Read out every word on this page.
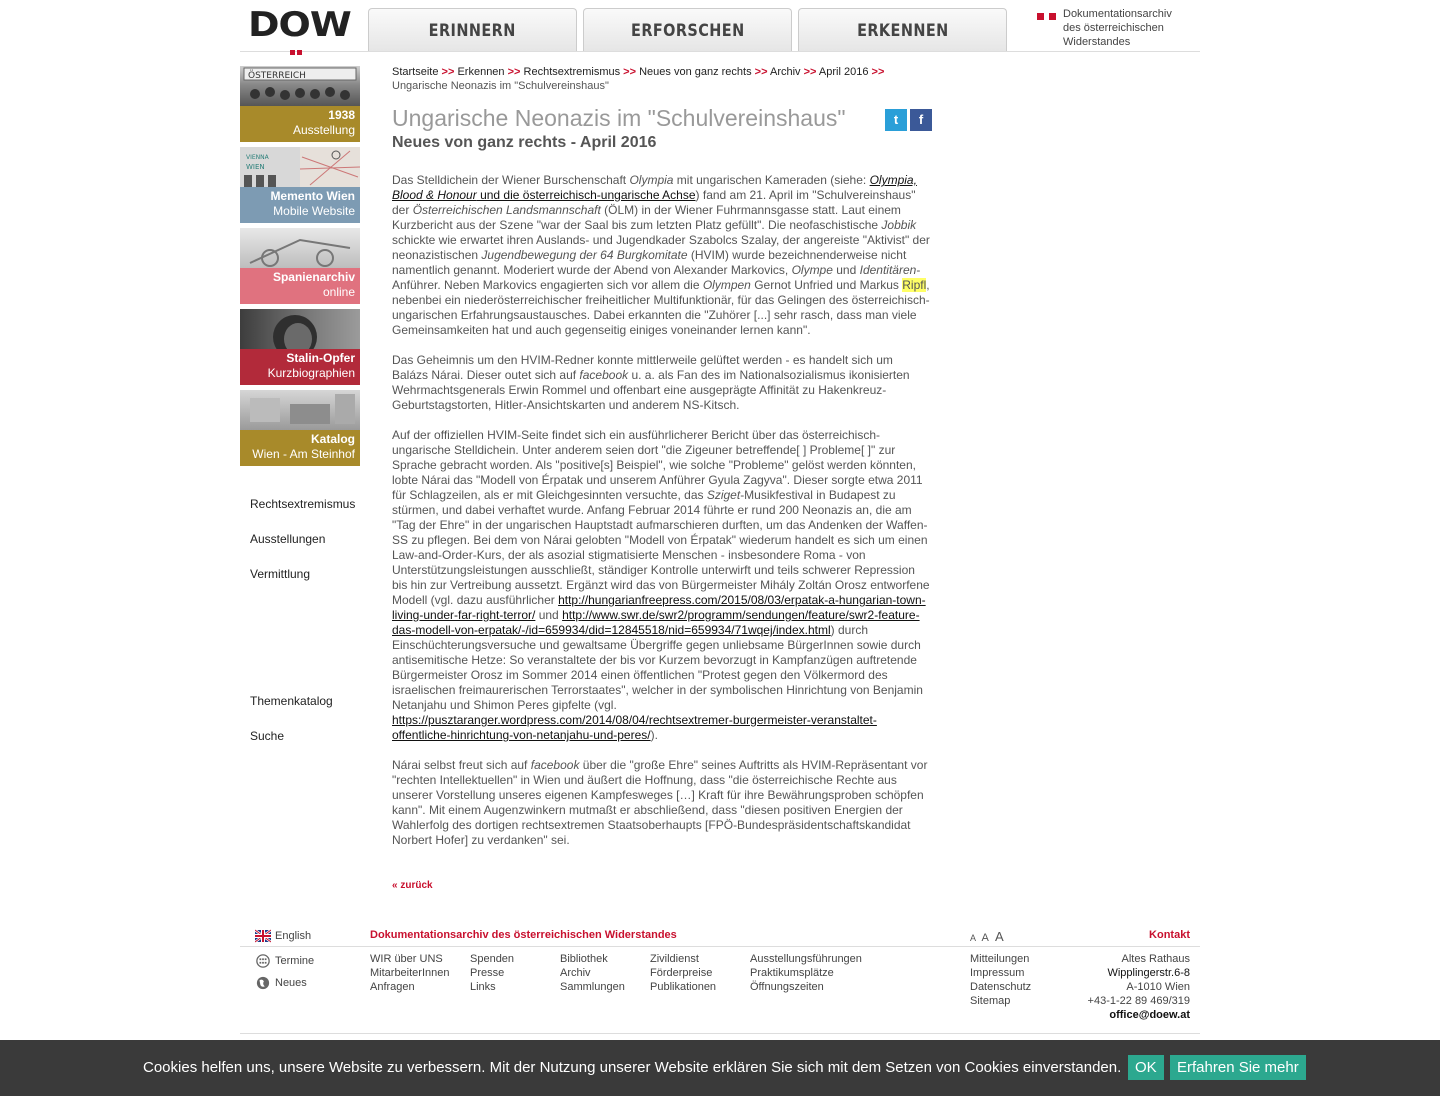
DOW	ERINNERN	ERFORSCHEN	ERKENNEN
Dokumentationsarchiv
des österreichischen
Widerstandes
ÖSTERREICH
1938
Ausstellung
VIENNA
WIEN
Memento Wien
Mobile Website
Spanienarchiv
online
Stalin-Opfer
Kurzbiographien
Katalog
Wien - Am Steinhof
Rechtsextremismus
Ausstellungen
Vermittlung
Themenkatalog
Suche
Startseite >> Erkennen >> Rechtsextremismus >> Neues von ganz rechts >> Archiv >> April 2016 >>
Ungarische Neonazis im "Schulvereinshaus"
Ungarische Neonazis im "Schulvereinshaus"
Neues von ganz rechts - April 2016
t	f

Das Stelldichein der Wiener Burschenschaft Olympia mit ungarischen Kameraden (siehe: Olympia, Blood & Honour und die österreichisch-ungarische Achse) fand am 21. April im "Schulvereinshaus" der Österreichischen Landsmannschaft (ÖLM) in der Wiener Fuhrmannsgasse statt. Laut einem Kurzbericht aus der Szene "war der Saal bis zum letzten Platz gefüllt". Die neofaschistische Jobbik schickte wie erwartet ihren Auslands- und Jugendkader Szabolcs Szalay, der angereiste "Aktivist" der neonazistischen Jugendbewegung der 64 Burgkomitate (HVIM) wurde bezeichnenderweise nicht namentlich genannt. Moderiert wurde der Abend von Alexander Markovics, Olympe und Identitären-Anführer. Neben Markovics engagierten sich vor allem die Olympen Gernot Unfried und Markus Ripfl, nebenbei ein niederösterreichischer freiheitlicher Multifunktionär, für das Gelingen des österreichisch-ungarischen Erfahrungsaustausches. Dabei erkannten die "Zuhörer [...] sehr rasch, dass man viele Gemeinsamkeiten hat und auch gegenseitig einiges voneinander lernen kann".

Das Geheimnis um den HVIM-Redner konnte mittlerweile gelüftet werden - es handelt sich um Balázs Nárai. Dieser outet sich auf facebook u. a. als Fan des im Nationalsozialismus ikonisierten Wehrmachtsgenerals Erwin Rommel und offenbart eine ausgeprägte Affinität zu Hakenkreuz-Geburtstagstorten, Hitler-Ansichtskarten und anderem NS-Kitsch.

Auf der offiziellen HVIM-Seite findet sich ein ausführlicherer Bericht über das österreichisch-ungarische Stelldichein. Unter anderem seien dort "die Zigeuner betreffende[ ] Probleme[ ]" zur Sprache gebracht worden. Als "positive[s] Beispiel", wie solche "Probleme" gelöst werden könnten, lobte Nárai das "Modell von Érpatak und unserem Anführer Gyula Zagyva". Dieser sorgte etwa 2011 für Schlagzeilen, als er mit Gleichgesinnten versuchte, das Sziget-Musikfestival in Budapest zu stürmen, und dabei verhaftet wurde. Anfang Februar 2014 führte er rund 200 Neonazis an, die am "Tag der Ehre" in der ungarischen Hauptstadt aufmarschieren durften, um das Andenken der Waffen-SS zu pflegen. Bei dem von Nárai gelobten "Modell von Érpatak" wiederum handelt es sich um einen Law-and-Order-Kurs, der als asozial stigmatisierte Menschen - insbesondere Roma - von Unterstützungsleistungen ausschließt, ständiger Kontrolle unterwirft und teils schwerer Repression bis hin zur Vertreibung aussetzt. Ergänzt wird das von Bürgermeister Mihály Zoltán Orosz entworfene Modell (vgl. dazu ausführlicher http://hungarianfreepress.com/2015/08/03/erpatak-a-hungarian-town-living-under-far-right-terror/ und http://www.swr.de/swr2/programm/sendungen/feature/swr2-feature-das-modell-von-erpatak/-/id=659934/did=12845518/nid=659934/71wqej/index.html) durch Einschüchterungsversuche und gewaltsame Übergriffe gegen unliebsame BürgerInnen sowie durch antisemitische Hetze: So veranstaltete der bis vor Kurzem bevorzugt in Kampfanzügen auftretende Bürgermeister Orosz im Sommer 2014 einen öffentlichen "Protest gegen den Völkermord des israelischen freimaurerischen Terrorstaates", welcher in der symbolischen Hinrichtung von Benjamin Netanjahu und Shimon Peres gipfelte (vgl.
https://pusztaranger.wordpress.com/2014/08/04/rechtsextremer-burgermeister-veranstaltet-offentliche-hinrichtung-von-netanjahu-und-peres/).

Nárai selbst freut sich auf facebook über die "große Ehre" seines Auftritts als HVIM-Repräsentant vor "rechten Intellektuellen" in Wien und äußert die Hoffnung, dass "die österreichische Rechte aus unserer Vorstellung unseres eigenen Kampfesweges […] Kraft für ihre Bewährungsproben schöpfen kann". Mit einem Augenzwinkern mutmaßt er abschließend, dass "diesen positiven Energien der Wahlerfolg des dortigen rechtsextremen Staatsoberhaupts [FPÖ-Bundespräsidentschaftskandidat Norbert Hofer] zu verdanken" sei.

« zurück
English
Termine
Neues
Dokumentationsarchiv des österreichischen Widerstandes	A A A	Kontakt
WIR über UNS
MitarbeiterInnen
Anfragen
Spenden
Presse
Links
Bibliothek
Archiv
Sammlungen
Zivildienst
Förderpreise
Publikationen
Ausstellungsführungen
Praktikumsplätze
Öffnungszeiten
Mitteilungen
Impressum
Datenschutz
Sitemap
Altes Rathaus
Wipplingerstr.6-8
A-1010 Wien
+43-1-22 89 469/319
office@doew.at
Cookies helfen uns, unsere Website zu verbessern. Mit der Nutzung unserer Website erklären Sie sich mit dem Setzen von Cookies einverstanden. OK	Erfahren Sie mehr
